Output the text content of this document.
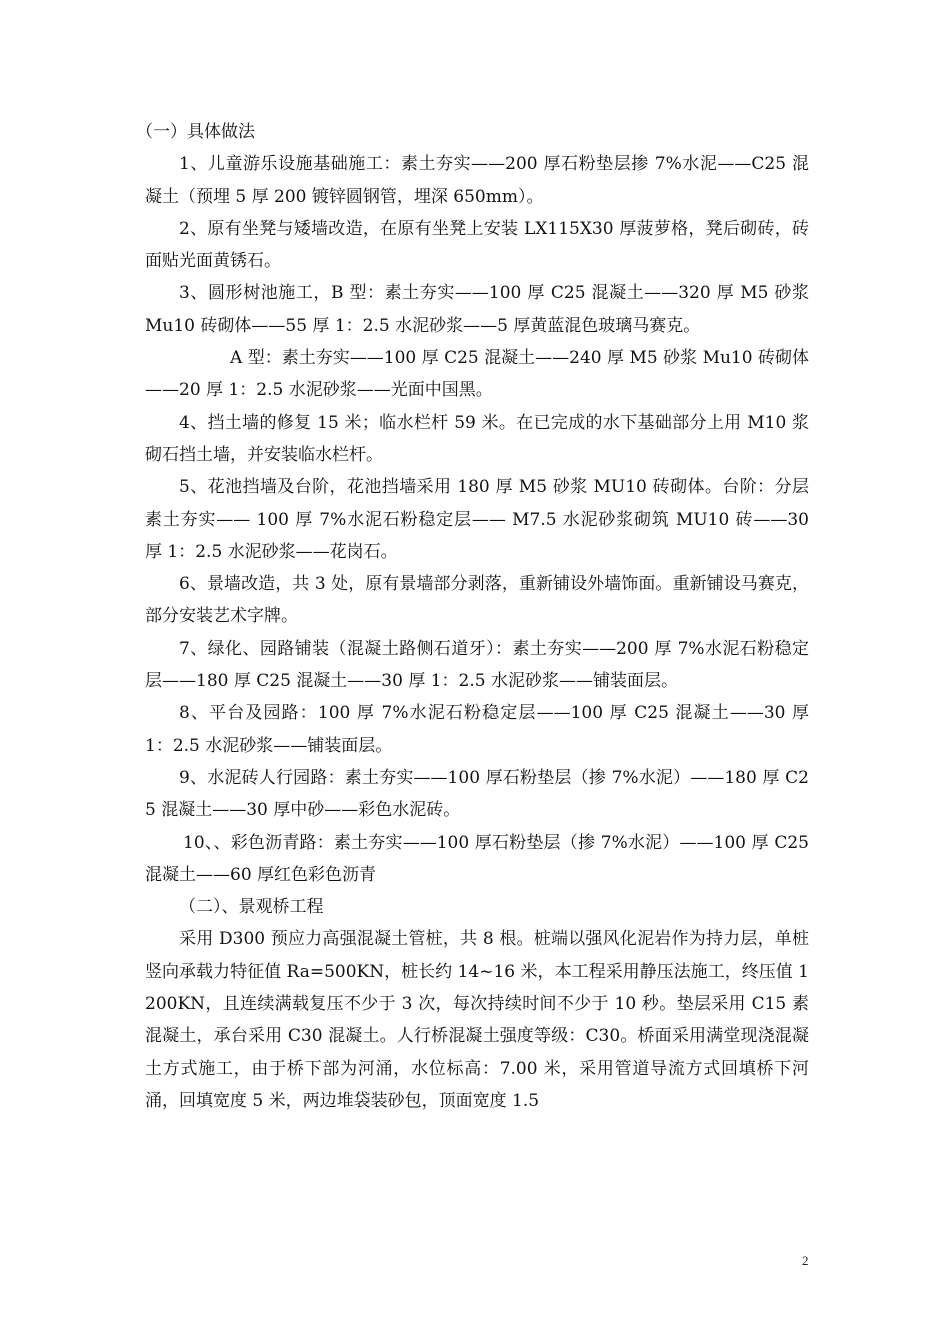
（一）具体做法

1、儿童游乐设施基础施工：素土夯实——200 厚石粉垫层掺 7%水泥——C25 混凝土（预埋 5 厚 200 镀锌圆钢管，埋深 650mm）。

2、原有坐凳与矮墙改造，在原有坐凳上安装 LX115X30 厚菠萝格，凳后砌砖，砖面贴光面黄锈石。

3、圆形树池施工，B 型：素土夯实——100 厚 C25 混凝土——320 厚 M5 砂浆 Mu10 砖砌体——55 厚 1：2.5 水泥砂浆——5 厚黄蓝混色玻璃马赛克。

A 型：素土夯实——100 厚 C25 混凝土——240 厚 M5 砂浆 Mu10 砖砌体——20 厚 1：2.5 水泥砂浆——光面中国黑。

4、挡土墙的修复 15 米；临水栏杆 59 米。在已完成的水下基础部分上用 M10 浆砌石挡土墙，并安装临水栏杆。

5、花池挡墙及台阶，花池挡墙采用 180 厚 M5 砂浆 MU10 砖砌体。台阶：分层素土夯实—— 100 厚 7%水泥石粉稳定层—— M7.5 水泥砂浆砌筑 MU10 砖——30 厚 1：2.5 水泥砂浆——花岗石。

6、景墙改造，共 3 处，原有景墙部分剥落，重新铺设外墙饰面。重新铺设马赛克，部分安装艺术字牌。

7、绿化、园路铺装（混凝土路侧石道牙）：素土夯实——200 厚 7%水泥石粉稳定层——180 厚 C25 混凝土——30 厚 1：2.5 水泥砂浆——铺装面层。

8、平台及园路：100 厚 7%水泥石粉稳定层——100 厚 C25 混凝土——30 厚 1：2.5 水泥砂浆——铺装面层。

9、水泥砖人行园路：素土夯实——100 厚石粉垫层（掺 7%水泥）——180 厚 C25 混凝土——30 厚中砂——彩色水泥砖。

10、、彩色沥青路：素土夯实——100 厚石粉垫层（掺 7%水泥）——100 厚 C25 混凝土——60 厚红色彩色沥青

（二）、景观桥工程

采用 D300 预应力高强混凝土管桩，共 8 根。桩端以强风化泥岩作为持力层，单桩竖向承载力特征值 Ra=500KN，桩长约 14~16 米，本工程采用静压法施工，终压值 1200KN，且连续满载复压不少于 3 次，每次持续时间不少于 10 秒。垫层采用 C15 素混凝土，承台采用 C30 混凝土。人行桥混凝土强度等级：C30。桥面采用满堂现浇混凝土方式施工，由于桥下部为河涌，水位标高：7.00 米，采用管道导流方式回填桥下河涌，回填宽度 5 米，两边堆袋装砂包，顶面宽度 1.5

2
